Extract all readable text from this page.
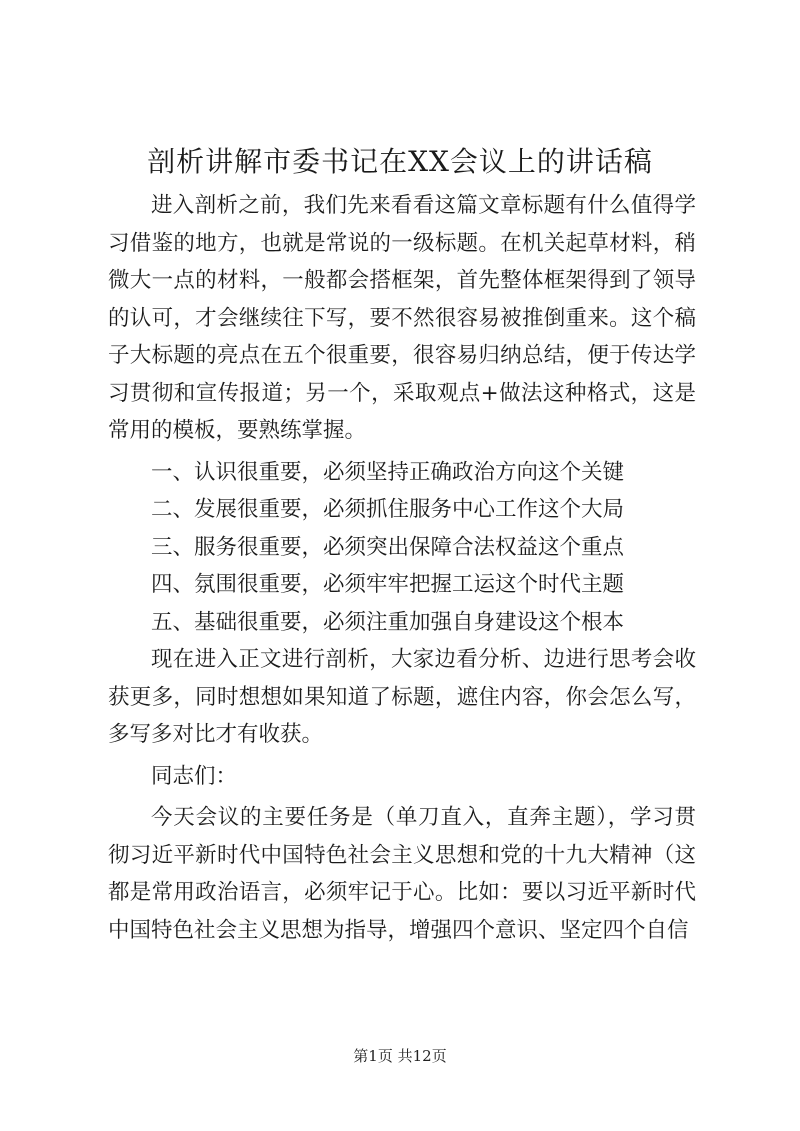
剖析讲解市委书记在XX会议上的讲话稿

进入剖析之前，我们先来看看这篇文章标题有什么值得学习借鉴的地方，也就是常说的一级标题。在机关起草材料，稍微大一点的材料，一般都会搭框架，首先整体框架得到了领导的认可，才会继续往下写，要不然很容易被推倒重来。这个稿子大标题的亮点在五个很重要，很容易归纳总结，便于传达学习贯彻和宣传报道；另一个，采取观点+做法这种格式，这是常用的模板，要熟练掌握。

一、认识很重要，必须坚持正确政治方向这个关键

二、发展很重要，必须抓住服务中心工作这个大局

三、服务很重要，必须突出保障合法权益这个重点

四、氛围很重要，必须牢牢把握工运这个时代主题

五、基础很重要，必须注重加强自身建设这个根本

现在进入正文进行剖析，大家边看分析、边进行思考会收获更多，同时想想如果知道了标题，遮住内容，你会怎么写，多写多对比才有收获。

同志们：

今天会议的主要任务是（单刀直入，直奔主题），学习贯彻习近平新时代中国特色社会主义思想和党的十九大精神（这都是常用政治语言，必须牢记于心。比如：要以习近平新时代中国特色社会主义思想为指导，增强四个意识、坚定四个自信

第1页 共12页
